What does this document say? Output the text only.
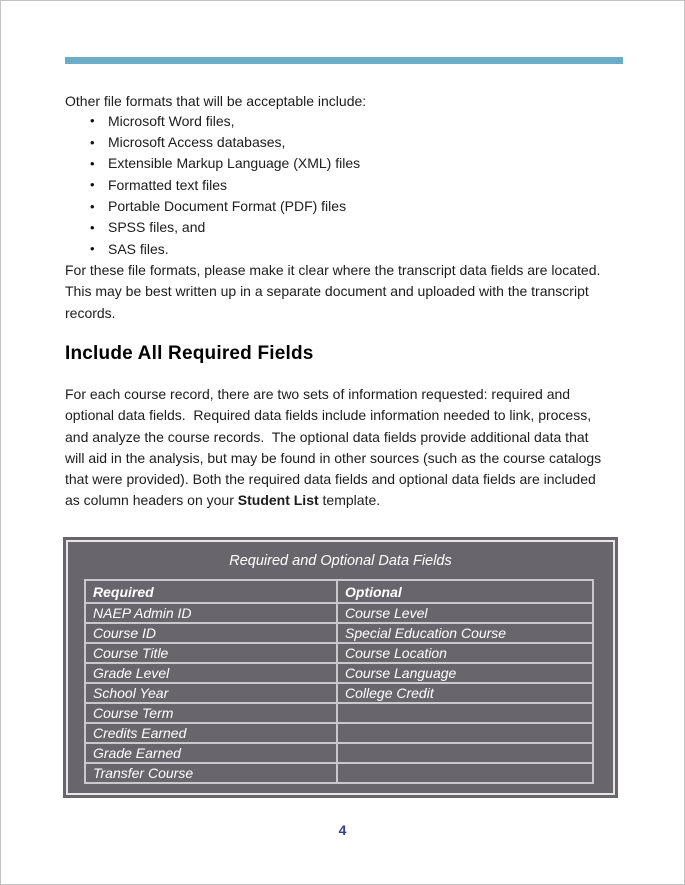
Other file formats that will be acceptable include:
• Microsoft Word files,
• Microsoft Access databases,
• Extensible Markup Language (XML) files
• Formatted text files
• Portable Document Format (PDF) files
• SPSS files, and
• SAS files.
For these file formats, please make it clear where the transcript data fields are located.
This may be best written up in a separate document and uploaded with the transcript
records.
Include All Required Fields
For each course record, there are two sets of information requested: required and
optional data fields.  Required data fields include information needed to link, process,
and analyze the course records.  The optional data fields provide additional data that
will aid in the analysis, but may be found in other sources (such as the course catalogs
that were provided). Both the required data fields and optional data fields are included
as column headers on your Student List template.
Required and Optional Data Fields
Required	Optional
NAEP Admin ID	Course Level
Course ID	Special Education Course
Course Title	Course Location
Grade Level	Course Language
School Year	College Credit
Course Term
Credits Earned
Grade Earned
Transfer Course
4
